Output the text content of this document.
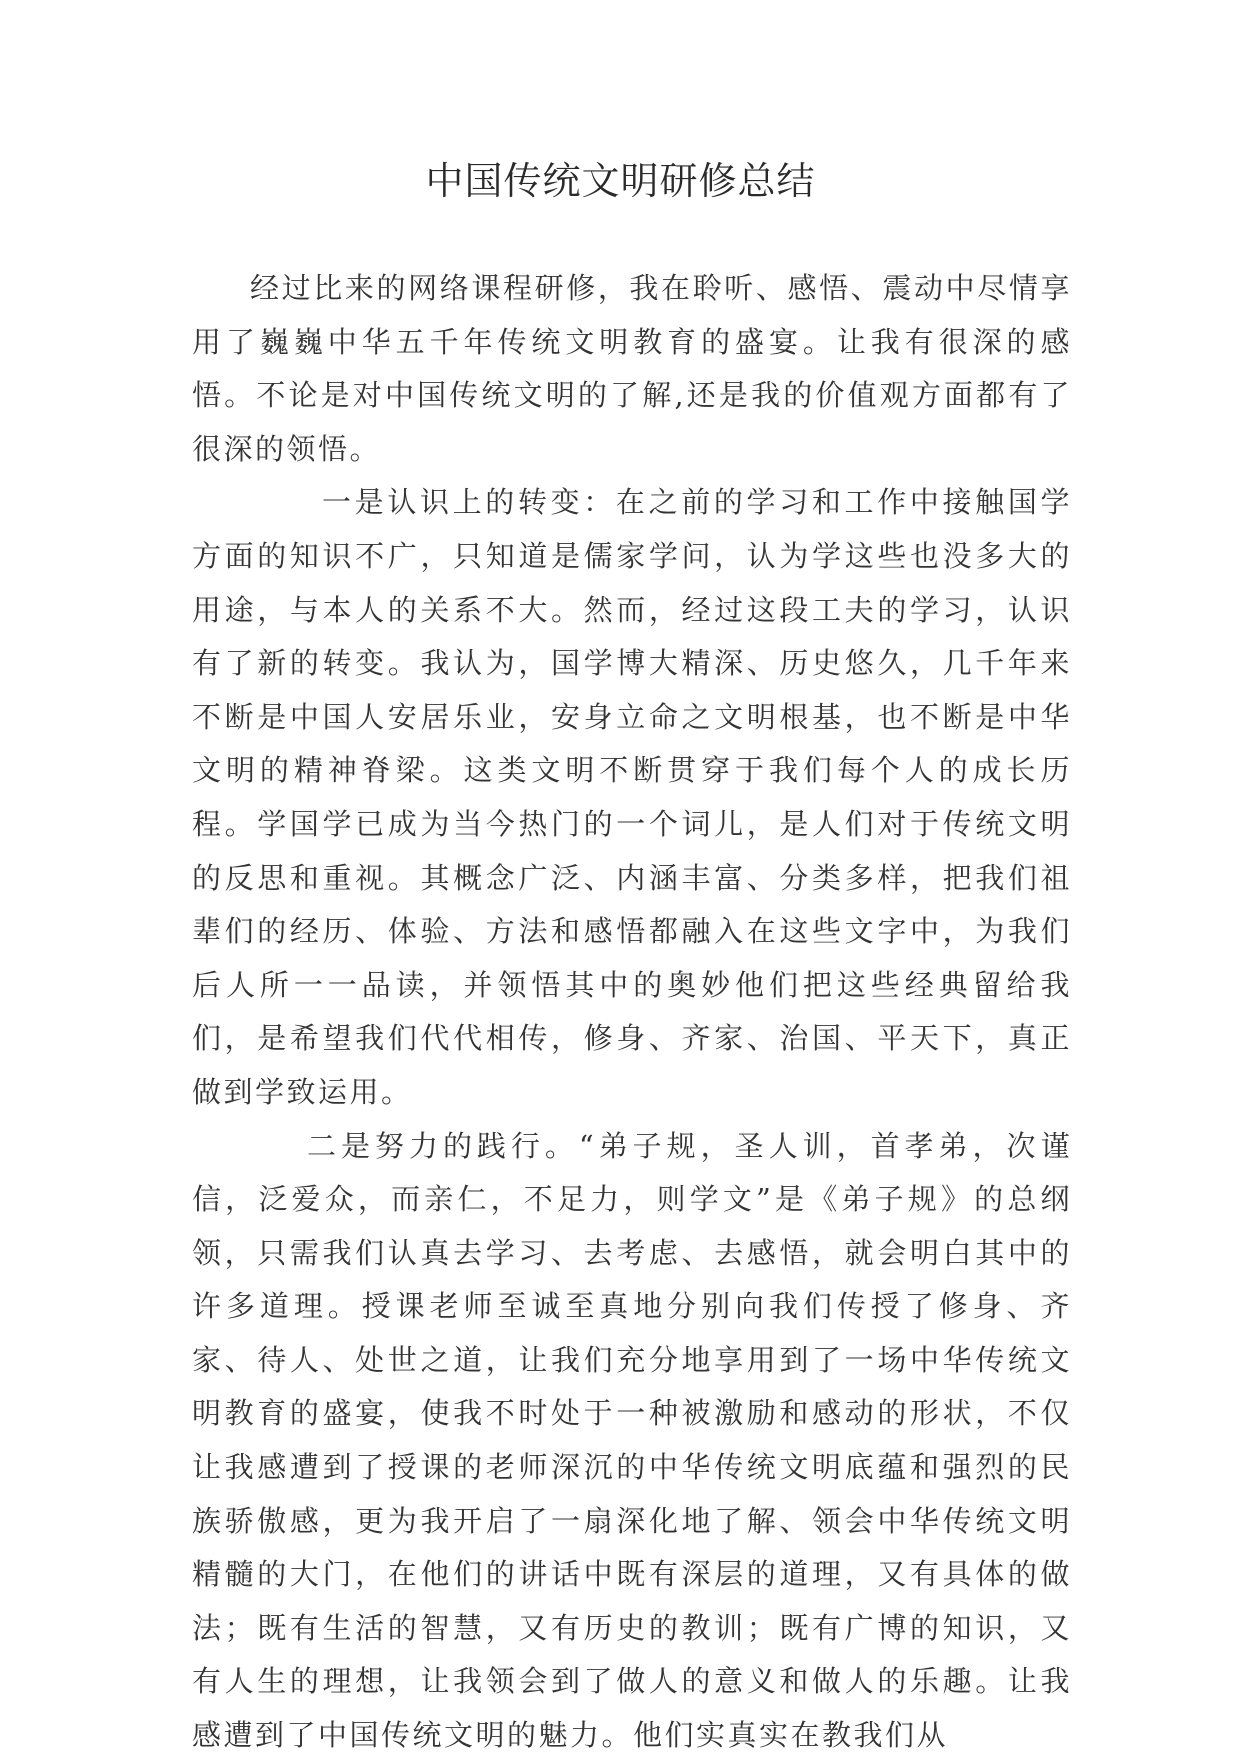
中国传统文明研修总结

经过比来的网络课程研修，我在聆听、感悟、震动中尽情享用了巍巍中华五千年传统文明教育的盛宴。让我有很深的感悟。不论是对中国传统文明的了解,还是我的价值观方面都有了很深的领悟。

一是认识上的转变：在之前的学习和工作中接触国学方面的知识不广，只知道是儒家学问，认为学这些也没多大的用途，与本人的关系不大。然而，经过这段工夫的学习，认识有了新的转变。我认为，国学博大精深、历史悠久，几千年来不断是中国人安居乐业，安身立命之文明根基，也不断是中华文明的精神脊梁。这类文明不断贯穿于我们每个人的成长历程。学国学已成为当今热门的一个词儿，是人们对于传统文明的反思和重视。其概念广泛、内涵丰富、分类多样，把我们祖辈们的经历、体验、方法和感悟都融入在这些文字中，为我们后人所一一品读，并领悟其中的奥妙他们把这些经典留给我们，是希望我们代代相传，修身、齐家、治国、平天下，真正做到学致运用。

二是努力的践行。“弟子规，圣人训，首孝弟，次谨信，泛爱众，而亲仁，不足力，则学文”是《弟子规》的总纲领，只需我们认真去学习、去考虑、去感悟，就会明白其中的许多道理。授课老师至诚至真地分别向我们传授了修身、齐家、待人、处世之道，让我们充分地享用到了一场中华传统文明教育的盛宴，使我不时处于一种被激励和感动的形状，不仅让我感遭到了授课的老师深沉的中华传统文明底蕴和强烈的民族骄傲感，更为我开启了一扇深化地了解、领会中华传统文明精髓的大门，在他们的讲话中既有深层的道理，又有具体的做法；既有生活的智慧，又有历史的教训；既有广博的知识，又有人生的理想，让我领会到了做人的意义和做人的乐趣。让我感遭到了中国传统文明的魅力。他们实真实在教我们从
